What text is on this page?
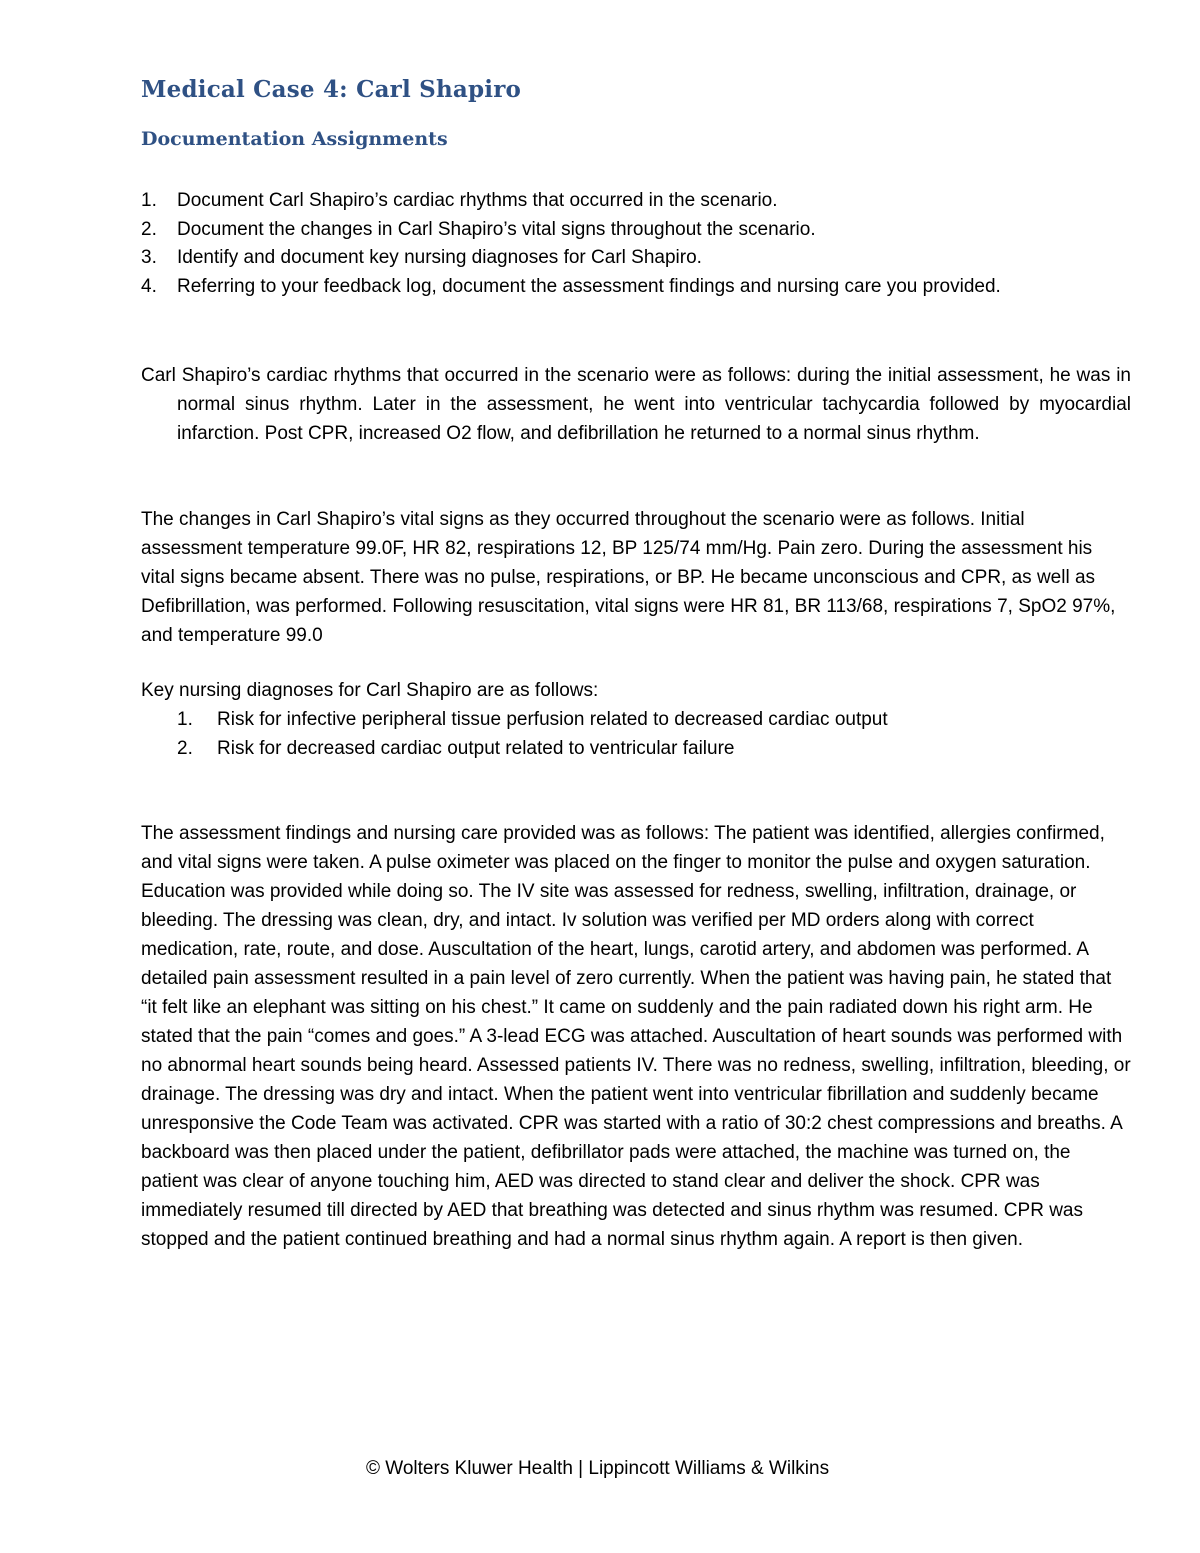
Medical Case 4: Carl Shapiro
Documentation Assignments
1.	Document Carl Shapiro’s cardiac rhythms that occurred in the scenario.
2.	Document the changes in Carl Shapiro’s vital signs throughout the scenario.
3.	Identify and document key nursing diagnoses for Carl Shapiro.
4.	Referring to your feedback log, document the assessment findings and nursing care you provided.

Carl Shapiro’s cardiac rhythms that occurred in the scenario were as follows: during the initial assessment, he was in normal sinus rhythm. Later in the assessment, he went into ventricular tachycardia followed by myocardial infarction. Post CPR, increased O2 flow, and defibrillation he returned to a normal sinus rhythm.

The changes in Carl Shapiro’s vital signs as they occurred throughout the scenario were as follows. Initial assessment temperature 99.0F, HR 82, respirations 12, BP 125/74 mm/Hg. Pain zero. During the assessment his vital signs became absent. There was no pulse, respirations, or BP. He became unconscious and CPR, as well as Defibrillation, was performed. Following resuscitation, vital signs were HR 81, BR 113/68, respirations 7, SpO2 97%, and temperature 99.0

Key nursing diagnoses for Carl Shapiro are as follows:

1.	Risk for infective peripheral tissue perfusion related to decreased cardiac output
2.	Risk for decreased cardiac output related to ventricular failure

The assessment findings and nursing care provided was as follows: The patient was identified, allergies confirmed, and vital signs were taken. A pulse oximeter was placed on the finger to monitor the pulse and oxygen saturation. Education was provided while doing so. The IV site was assessed for redness, swelling, infiltration, drainage, or bleeding. The dressing was clean, dry, and intact. Iv solution was verified per MD orders along with correct medication, rate, route, and dose. Auscultation of the heart, lungs, carotid artery, and abdomen was performed. A detailed pain assessment resulted in a pain level of zero currently. When the patient was having pain, he stated that “it felt like an elephant was sitting on his chest.” It came on suddenly and the pain radiated down his right arm. He stated that the pain “comes and goes.” A 3-lead ECG was attached. Auscultation of heart sounds was performed with no abnormal heart sounds being heard. Assessed patients IV. There was no redness, swelling, infiltration, bleeding, or drainage. The dressing was dry and intact. When the patient went into ventricular fibrillation and suddenly became unresponsive the Code Team was activated. CPR was started with a ratio of 30:2 chest compressions and breaths. A backboard was then placed under the patient, defibrillator pads were attached, the machine was turned on, the patient was clear of anyone touching him, AED was directed to stand clear and deliver the shock. CPR was immediately resumed till directed by AED that breathing was detected and sinus rhythm was resumed. CPR was stopped and the patient continued breathing and had a normal sinus rhythm again. A report is then given.

© Wolters Kluwer Health | Lippincott Williams & Wilkins
